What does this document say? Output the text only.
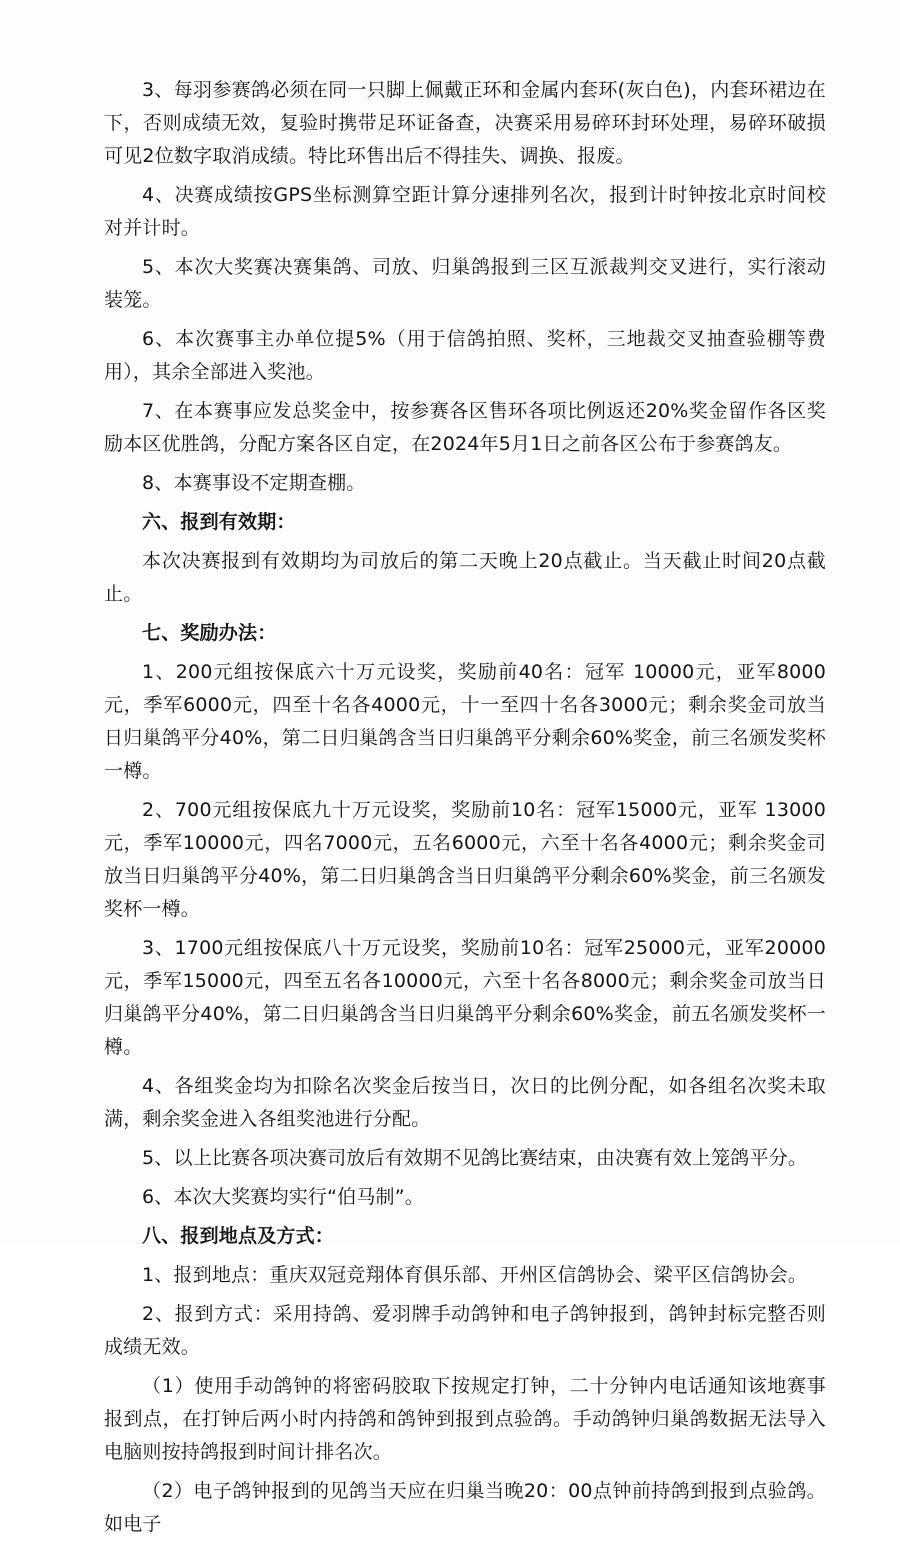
3、每羽参赛鸽必须在同一只脚上佩戴正环和金属内套环(灰白色)，内套环裙边在下，否则成绩无效，复验时携带足环证备查，决赛采用易碎环封环处理，易碎环破损可见2位数字取消成绩。特比环售出后不得挂失、调换、报废。

4、决赛成绩按GPS坐标测算空距计算分速排列名次，报到计时钟按北京时间校对并计时。

5、本次大奖赛决赛集鸽、司放、归巢鸽报到三区互派裁判交叉进行，实行滚动装笼。

6、本次赛事主办单位提5%（用于信鸽拍照、奖杯，三地裁交叉抽查验棚等费用），其余全部进入奖池。

7、在本赛事应发总奖金中，按参赛各区售环各项比例返还20%奖金留作各区奖励本区优胜鸽，分配方案各区自定，在2024年5月1日之前各区公布于参赛鸽友。

8、本赛事设不定期查棚。

六、报到有效期：

本次决赛报到有效期均为司放后的第二天晚上20点截止。当天截止时间20点截止。

七、奖励办法：

1、200元组按保底六十万元设奖，奖励前40名：冠军 10000元，亚军8000元，季军6000元，四至十名各4000元，十一至四十名各3000元；剩余奖金司放当日归巢鸽平分40%，第二日归巢鸽含当日归巢鸽平分剩余60%奖金，前三名颁发奖杯一樽。

2、700元组按保底九十万元设奖，奖励前10名：冠军15000元，亚军 13000元，季军10000元，四名7000元，五名6000元，六至十名各4000元；剩余奖金司放当日归巢鸽平分40%，第二日归巢鸽含当日归巢鸽平分剩余60%奖金，前三名颁发奖杯一樽。

3、1700元组按保底八十万元设奖，奖励前10名：冠军25000元，亚军20000元，季军15000元，四至五名各10000元，六至十名各8000元；剩余奖金司放当日归巢鸽平分40%，第二日归巢鸽含当日归巢鸽平分剩余60%奖金，前五名颁发奖杯一樽。

4、各组奖金均为扣除名次奖金后按当日，次日的比例分配，如各组名次奖未取满，剩余奖金进入各组奖池进行分配。

5、以上比赛各项决赛司放后有效期不见鸽比赛结束，由决赛有效上笼鸽平分。

6、本次大奖赛均实行“伯马制”。

八、报到地点及方式：

1、报到地点：重庆双冠竞翔体育俱乐部、开州区信鸽协会、梁平区信鸽协会。

2、报到方式：采用持鸽、爱羽牌手动鸽钟和电子鸽钟报到，鸽钟封标完整否则成绩无效。

（1）使用手动鸽钟的将密码胶取下按规定打钟，二十分钟内电话通知该地赛事报到点，在打钟后两小时内持鸽和鸽钟到报到点验鸽。手动鸽钟归巢鸽数据无法导入电脑则按持鸽报到时间计排名次。

（2）电子鸽钟报到的见鸽当天应在归巢当晚20：00点钟前持鸽到报到点验鸽。如电子
